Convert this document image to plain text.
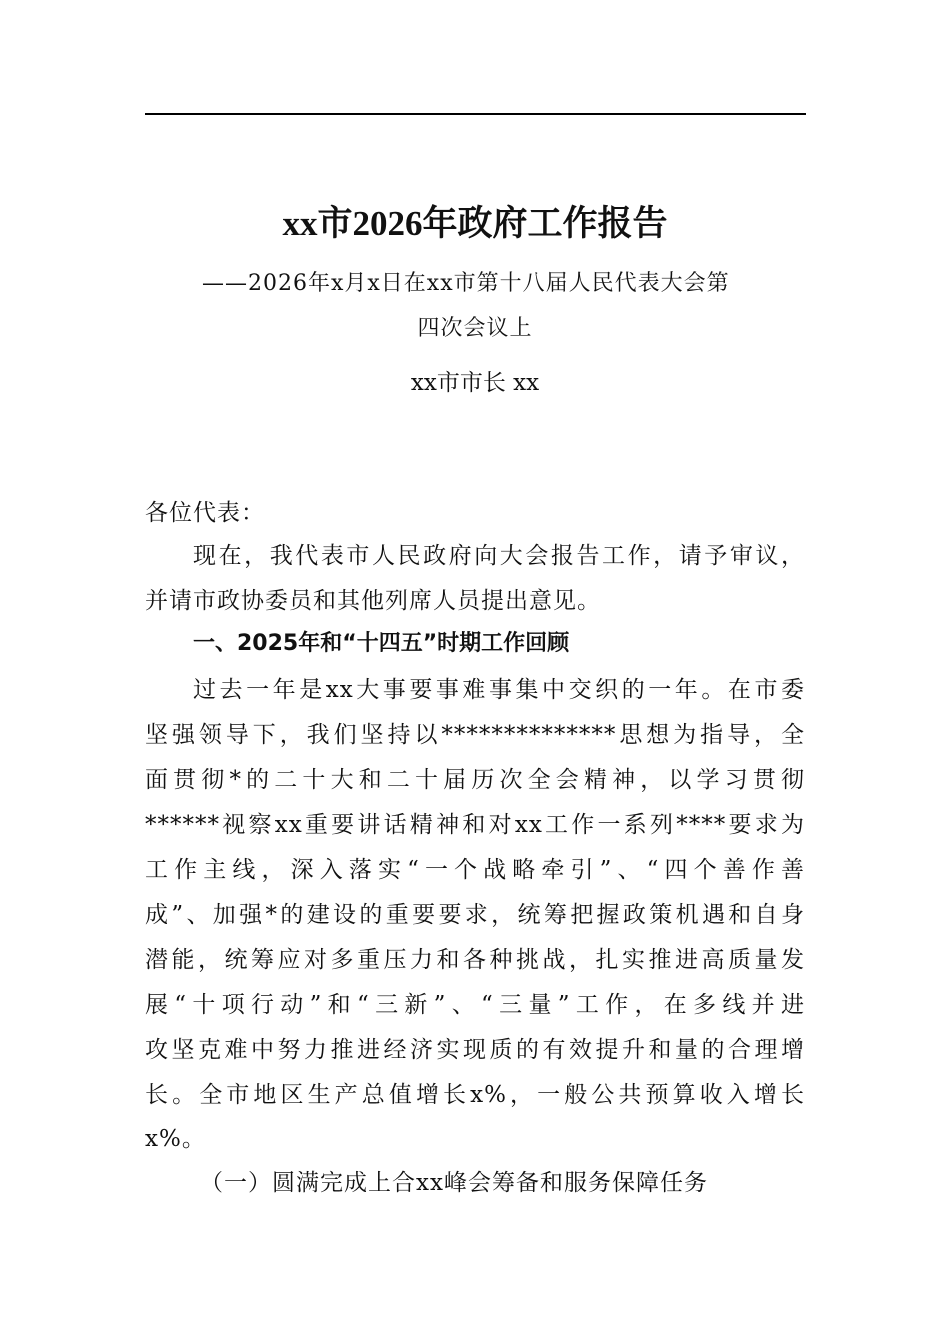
xx市2026年政府工作报告
——2026年x月x日在xx市第十八届人民代表大会第
四次会议上
xx市市长 xx
各位代表：
现在，我代表市人民政府向大会报告工作，请予审议，
并请市政协委员和其他列席人员提出意见。
一、2025年和“十四五”时期工作回顾
过去一年是xx大事要事难事集中交织的一年。在市委
坚强领导下，我们坚持以**************思想为指导，全
面贯彻*的二十大和二十届历次全会精神，以学习贯彻
******视察xx重要讲话精神和对xx工作一系列****要求为
工作主线，深入落实“一个战略牵引”、“四个善作善
成”、加强*的建设的重要要求，统筹把握政策机遇和自身
潜能，统筹应对多重压力和各种挑战，扎实推进高质量发
展“十项行动”和“三新”、“三量”工作，在多线并进
攻坚克难中努力推进经济实现质的有效提升和量的合理增
长。全市地区生产总值增长x%，一般公共预算收入增长
x%。
（一）圆满完成上合xx峰会筹备和服务保障任务
